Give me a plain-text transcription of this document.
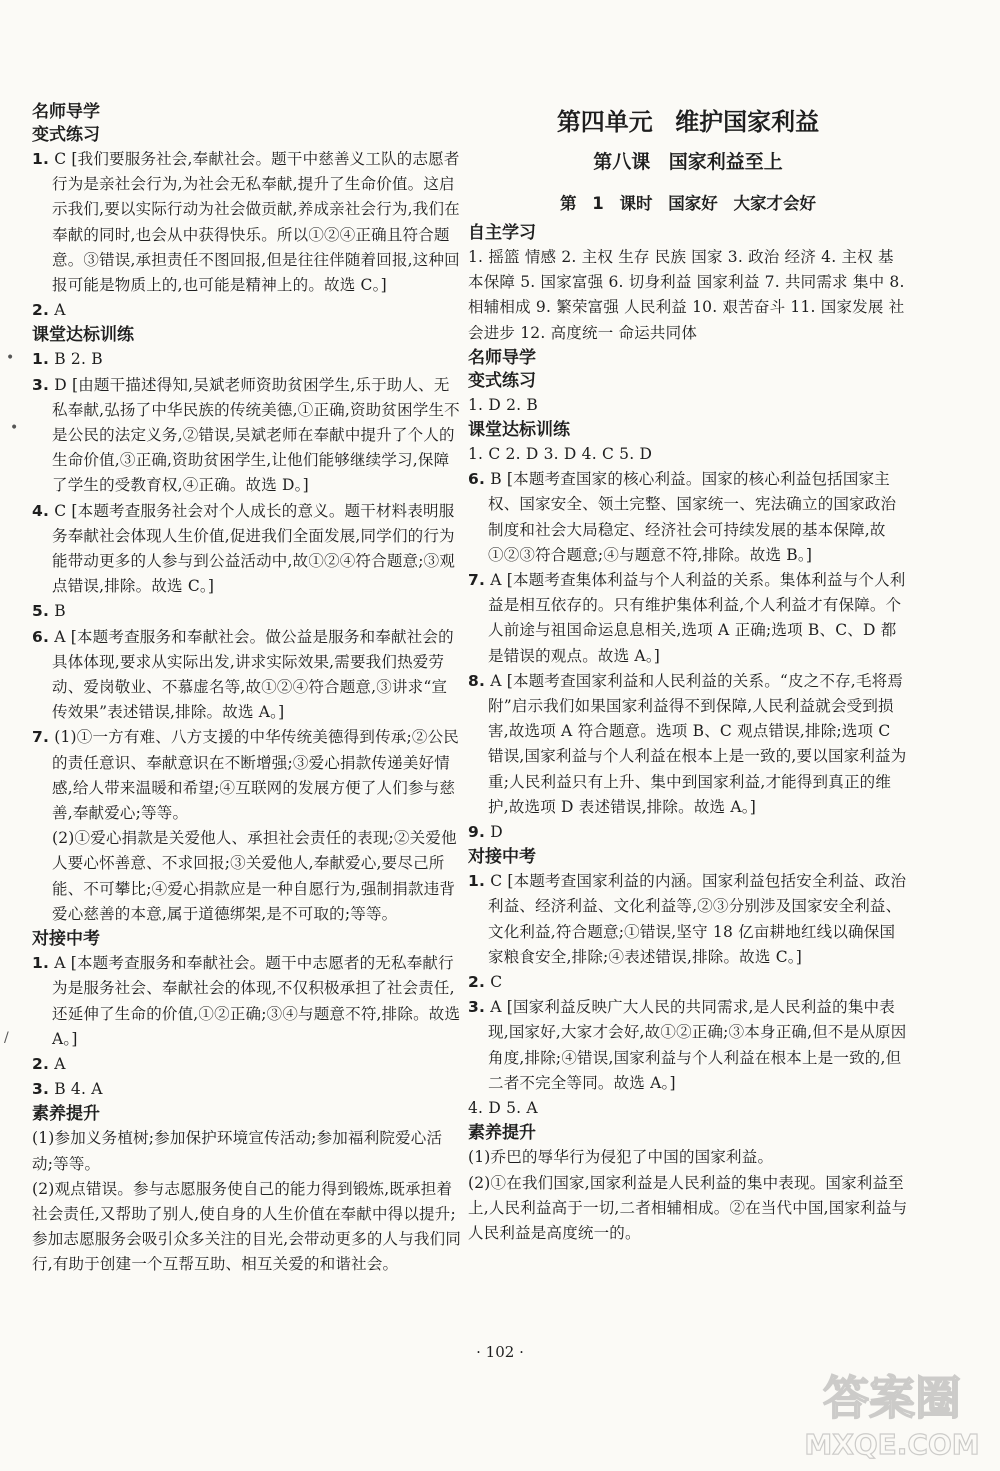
名师导学

变式练习

1. C [我们要服务社会,奉献社会。题干中慈善义工队的志愿者行为是亲社会行为,为社会无私奉献,提升了生命价值。这启示我们,要以实际行动为社会做贡献,养成亲社会行为,我们在奉献的同时,也会从中获得快乐。所以①②④正确且符合题意。③错误,承担责任不图回报,但是往往伴随着回报,这种回报可能是物质上的,也可能是精神上的。故选 C。]

2. A

课堂达标训练

1. B 2. B

3. D [由题干描述得知,吴斌老师资助贫困学生,乐于助人、无私奉献,弘扬了中华民族的传统美德,①正确,资助贫困学生不是公民的法定义务,②错误,吴斌老师在奉献中提升了个人的生命价值,③正确,资助贫困学生,让他们能够继续学习,保障了学生的受教育权,④正确。故选 D。]

4. C [本题考查服务社会对个人成长的意义。题干材料表明服务奉献社会体现人生价值,促进我们全面发展,同学们的行为能带动更多的人参与到公益活动中,故①②④符合题意;③观点错误,排除。故选 C。]

5. B

6. A [本题考查服务和奉献社会。做公益是服务和奉献社会的具体体现,要求从实际出发,讲求实际效果,需要我们热爱劳动、爱岗敬业、不慕虚名等,故①②④符合题意,③讲求“宣传效果”表述错误,排除。故选 A。]

7. (1)①一方有难、八方支援的中华传统美德得到传承;②公民的责任意识、奉献意识在不断增强;③爱心捐款传递美好情感,给人带来温暖和希望;④互联网的发展方便了人们参与慈善,奉献爱心;等等。

(2)①爱心捐款是关爱他人、承担社会责任的表现;②关爱他人要心怀善意、不求回报;③关爱他人,奉献爱心,要尽己所能、不可攀比;④爱心捐款应是一种自愿行为,强制捐款违背爱心慈善的本意,属于道德绑架,是不可取的;等等。

对接中考

1. A [本题考查服务和奉献社会。题干中志愿者的无私奉献行为是服务社会、奉献社会的体现,不仅积极承担了社会责任,还延伸了生命的价值,①②正确;③④与题意不符,排除。故选 A。]

2. A

3. B 4. A

素养提升

(1)参加义务植树;参加保护环境宣传活动;参加福利院爱心活动;等等。

(2)观点错误。参与志愿服务使自己的能力得到锻炼,既承担着社会责任,又帮助了别人,使自身的人生价值在奉献中得以提升;参加志愿服务会吸引众多关注的目光,会带动更多的人与我们同行,有助于创建一个互帮互助、相互关爱的和谐社会。

第四单元 维护国家利益
第八课 国家利益至上
第 1 课时 国家好 大家才会好

自主学习

1. 摇篮 情感 2. 主权 生存 民族 国家 3. 政治 经济 4. 主权 基本保障 5. 国家富强 6. 切身利益 国家利益 7. 共同需求 集中 8. 相辅相成 9. 繁荣富强 人民利益 10. 艰苦奋斗 11. 国家发展 社会进步 12. 高度统一 命运共同体

名师导学

变式练习

1. D 2. B

课堂达标训练

1. C 2. D 3. D 4. C 5. D

6. B [本题考查国家的核心利益。国家的核心利益包括国家主权、国家安全、领土完整、国家统一、宪法确立的国家政治制度和社会大局稳定、经济社会可持续发展的基本保障,故①②③符合题意;④与题意不符,排除。故选 B。]

7. A [本题考查集体利益与个人利益的关系。集体利益与个人利益是相互依存的。只有维护集体利益,个人利益才有保障。个人前途与祖国命运息息相关,选项 A 正确;选项 B、C、D 都是错误的观点。故选 A。]

8. A [本题考查国家利益和人民利益的关系。“皮之不存,毛将焉附”启示我们如果国家利益得不到保障,人民利益就会受到损害,故选项 A 符合题意。选项 B、C 观点错误,排除;选项 C 错误,国家利益与个人利益在根本上是一致的,要以国家利益为重;人民利益只有上升、集中到国家利益,才能得到真正的维护,故选项 D 表述错误,排除。故选 A。]

9. D

对接中考

1. C [本题考查国家利益的内涵。国家利益包括安全利益、政治利益、经济利益、文化利益等,②③分别涉及国家安全利益、文化利益,符合题意;①错误,坚守 18 亿亩耕地红线以确保国家粮食安全,排除;④表述错误,排除。故选 C。]

2. C

3. A [国家利益反映广大人民的共同需求,是人民利益的集中表现,国家好,大家才会好,故①②正确;③本身正确,但不是从原因角度,排除;④错误,国家利益与个人利益在根本上是一致的,但二者不完全等同。故选 A。]

4. D 5. A

素养提升

(1)乔巴的辱华行为侵犯了中国的国家利益。

(2)①在我们国家,国家利益是人民利益的集中表现。国家利益至上,人民利益高于一切,二者相辅相成。②在当代中国,国家利益与人民利益是高度统一的。

•
•
/
· 102 ·
答案圈
MXQE.COM
